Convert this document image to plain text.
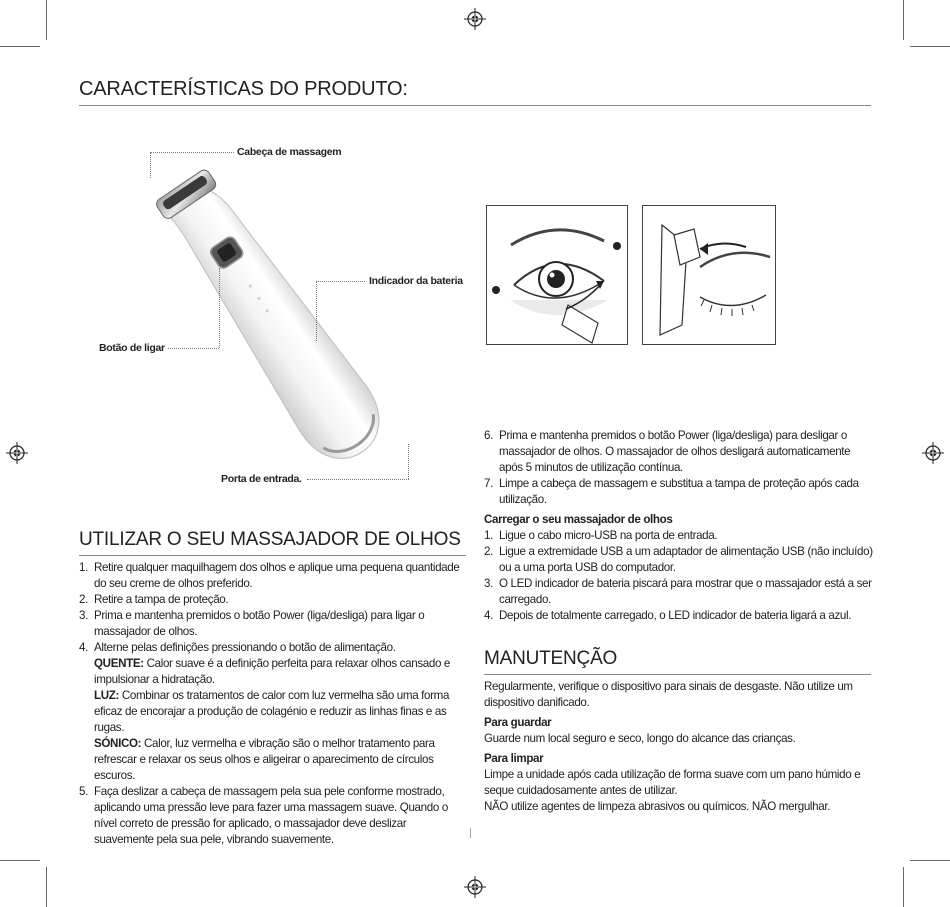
CARACTERÍSTICAS DO PRODUTO:
Cabeça de massagem
Indicador da bateria
Botão de ligar
Porta de entrada.
UTILIZAR O SEU MASSAJADOR DE OLHOS
1. Retire qualquer maquilhagem dos olhos e aplique uma pequena quantidade do seu creme de olhos preferido.
2. Retire a tampa de proteção.
3. Prima e mantenha premidos o botão Power (liga/desliga) para ligar o massajador de olhos.
4. Alterne pelas definições pressionando o botão de alimentação.
QUENTE: Calor suave é a definição perfeita para relaxar olhos cansado e impulsionar a hidratação.
LUZ: Combinar os tratamentos de calor com luz vermelha são uma forma eficaz de encorajar a produção de colagénio e reduzir as linhas finas e as rugas.
SÓNICO: Calor, luz vermelha e vibração são o melhor tratamento para refrescar e relaxar os seus olhos e aligeirar o aparecimento de círculos escuros.
5. Faça deslizar a cabeça de massagem pela sua pele conforme mostrado, aplicando uma pressão leve para fazer uma massagem suave. Quando o nível correto de pressão for aplicado, o massajador deve deslizar suavemente pela sua pele, vibrando suavemente.
6. Prima e mantenha premidos o botão Power (liga/desliga) para desligar o massajador de olhos. O massajador de olhos desligará automaticamente após 5 minutos de utilização contínua.
7. Limpe a cabeça de massagem e substitua a tampa de proteção após cada utilização.
Carregar o seu massajador de olhos
1. Ligue o cabo micro-USB na porta de entrada.
2. Ligue a extremidade USB a um adaptador de alimentação USB (não incluído) ou a uma porta USB do computador.
3. O LED indicador de bateria piscará para mostrar que o massajador está a ser carregado.
4. Depois de totalmente carregado, o LED indicador de bateria ligará a azul.
MANUTENÇÃO
Regularmente, verifique o dispositivo para sinais de desgaste. Não utilize um dispositivo danificado.
Para guardar
Guarde num local seguro e seco, longo do alcance das crianças.
Para limpar
Limpe a unidade após cada utilização de forma suave com um pano húmido e seque cuidadosamente antes de utilizar.
NÃO utilize agentes de limpeza abrasivos ou químicos. NÃO mergulhar.
